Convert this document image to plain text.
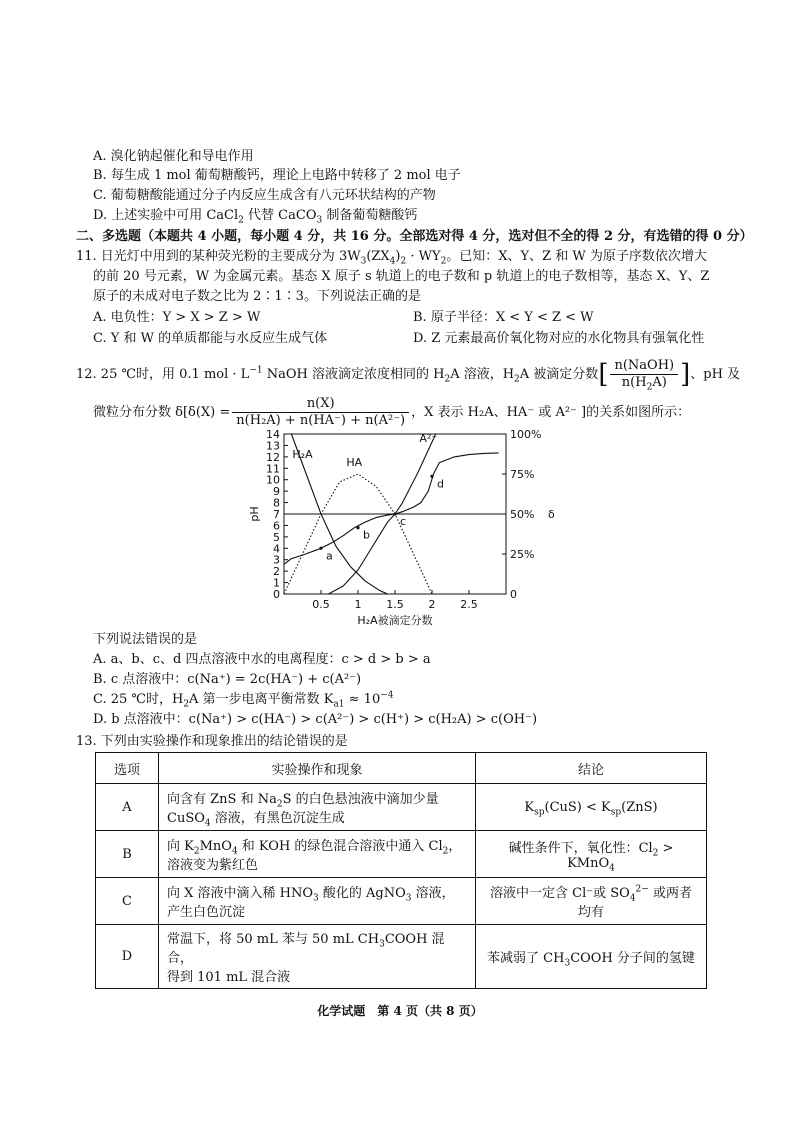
A. 溴化钠起催化和导电作用
B. 每生成 1 mol 葡萄糖酸钙，理论上电路中转移了 2 mol 电子
C. 葡萄糖酸能通过分子内反应生成含有八元环状结构的产物
D. 上述实验中可用 CaCl$_2$ 代替 CaCO$_3$ 制备葡萄糖酸钙
二、多选题（本题共 4 小题，每小题 4 分，共 16 分。全部选对得 4 分，选对但不全的得 2 分，有选错的得 0 分）
11. 日光灯中用到的某种荧光粉的主要成分为 $3W_3(ZX_4)_2 \cdot WY_2$。已知：X、Y、Z 和 W 为原子序数依次增大
的前 20 号元素，W 为金属元素。基态 X 原子 s 轨道上的电子数和 p 轨道上的电子数相等，基态 X、Y、Z
原子的未成对电子数之比为 2∶1∶3。下列说法正确的是
A. 电负性：Y > X > Z > W	B. 原子半径：X < Y < Z < W
C. Y 和 W 的单质都能与水反应生成气体	D. Z 元素最高价氧化物对应的水化物具有强氧化性
12. 25 ℃时，用 0.1 mol · $L^{-1}$ NaOH 溶液滴定浓度相同的 $H_2A$ 溶液，$H_2A$ 被滴定分数[ $\frac{\text{n(NaOH)}}{n(H_2A)}$ ]、pH 及
微粒分布分数 $\delta[\delta(X) = \frac{n(X)}{\text{n(H₂A) + n(HA⁻) + n(A²⁻)}}$ ，X 表示 H₂A、HA⁻ 或 A²⁻ ]的关系如图所示：
0
1
2
3
4
5
6
7
8
9
10
11
12
13
14
0
25%
50%
75%
100%
0.5 1 1.5 2 2.5
H₂A被滴定分数
pH	δ
H₂A
HA
A²⁻
a
b
c
d
下列说法错误的是
A. a、b、c、d 四点溶液中水的电离程度：c > d > b > a
B. c 点溶液中：c(Na⁺) = 2c(HA⁻) + c(A²⁻)
C. 25 ℃时，$H_2A$ 第一步电离平衡常数 $K_{a1} \approx 10^{-4}$
D. b 点溶液中：c(Na⁺) > c(HA⁻) > c(A²⁻) > c(H⁺) > c(H₂A) > c(OH⁻)
13. 下列由实验操作和现象推出的结论错误的是
选项	实验操作和现象	结论
A	向含有 ZnS 和 $Na_2S$ 的白色悬浊液中滴加少量
CuSO$_4$ 溶液，有黑色沉淀生成	$K_{sp}(CuS) < K_{sp}(ZnS)$
B	向 $K_2MnO_4$ 和 KOH 的绿色混合溶液中通入 $Cl_2$，
溶液变为紫红色	碱性条件下，氧化性：$Cl_2$ > KMnO$_4$
C	向 X 溶液中滴入稀 $HNO_3$ 酸化的 AgNO$_3$ 溶液，
产生白色沉淀	溶液中一定含 Cl⁻或 $SO_4^{2-}$ 或两者均有
D	常温下，将 50 mL 苯与 50 mL $CH_3COOH$ 混合，
得到 101 mL 混合液	苯减弱了 $CH_3COOH$ 分子间的氢键
化学试题　第 4 页（共 8 页）
